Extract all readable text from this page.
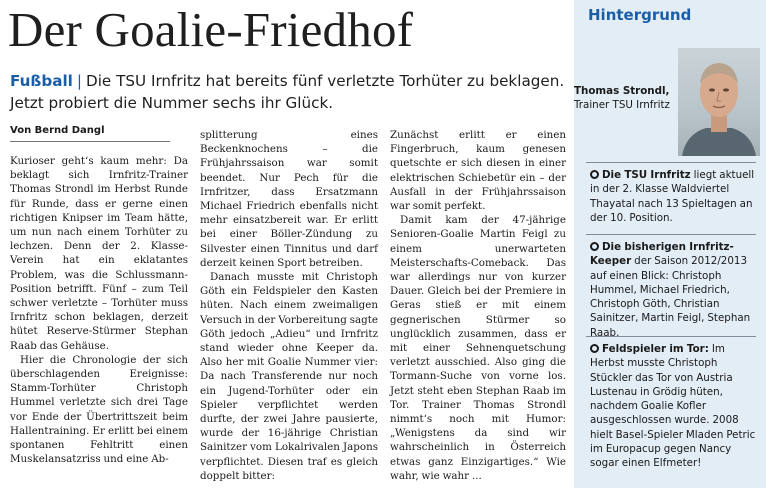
Der Goalie-Friedhof
Fußball | Die TSU Irnfritz hat bereits fünf verletzte Torhüter zu beklagen. Jetzt probiert die Nummer sechs ihr Glück.
Von Bernd Dangl

Kurioser geht‘s kaum mehr: Da beklagt sich Irnfritz-Trainer Thomas Strondl im Herbst Runde für Runde, dass er gerne einen richtigen Knipser im Team hätte, um nun nach einem Torhüter zu lechzen. Denn der 2. Klasse-Verein hat ein eklatantes Problem, was die Schlussmann-Position betrifft. Fünf – zum Teil schwer verletzte – Torhüter muss Irnfritz schon beklagen, derzeit hütet Reserve-Stürmer Stephan Raab das Gehäuse.

Hier die Chronologie der sich überschlagenden Ereignisse: Stamm-Torhüter Christoph Hummel verletzte sich drei Tage vor Ende der Übertrittszeit beim Hallentraining. Er erlitt bei einem spontanen Fehltritt einen Muskelansatzriss und eine Ab-

splitterung eines Beckenknochens – die Frühjahrssaison war somit beendet. Nur Pech für die Irnfritzer, dass Ersatzmann Michael Friedrich ebenfalls nicht mehr einsatzbereit war. Er erlitt bei einer Böller-Zündung zu Silvester einen Tinnitus und darf derzeit keinen Sport betreiben.

Danach musste mit Christoph Göth ein Feldspieler den Kasten hüten. Nach einem zweimaligen Versuch in der Vorbereitung sagte Göth jedoch „Adieu“ und Irnfritz stand wieder ohne Keeper da. Also her mit Goalie Nummer vier: Da nach Transferende nur noch ein Jugend-Torhüter oder ein Spieler verpflichtet werden durfte, der zwei Jahre pausierte, wurde der 16-jährige Christian Sainitzer vom Lokalrivalen Japons verpflichtet. Diesen traf es gleich doppelt bitter:

Zunächst erlitt er einen Fingerbruch, kaum genesen quetschte er sich diesen in einer elektrischen Schiebetür ein – der Ausfall in der Frühjahrssaison war somit perfekt.

Damit kam der 47-jährige Senioren-Goalie Martin Feigl zu einem unerwarteten Meisterschafts-Comeback. Das war allerdings nur von kurzer Dauer. Gleich bei der Premiere in Geras stieß er mit einem gegnerischen Stürmer so unglücklich zusammen, dass er mit einer Sehnenquetschung verletzt ausschied. Also ging die Tormann-Suche von vorne los. Jetzt steht eben Stephan Raab im Tor. Trainer Thomas Strondl nimmt‘s noch mit Humor: „Wenigstens da sind wir wahrscheinlich in Österreich etwas ganz Einzigartiges.“ Wie wahr, wie wahr ...

Hintergrund
Thomas Strondl,
Trainer TSU Irnfritz
Die TSU Irnfritz liegt aktuell in der 2. Klasse Waldviertel Thayatal nach 13 Spieltagen an der 10. Position.
Die bisherigen Irnfritz-Keeper der Saison 2012/2013 auf einen Blick: Christoph Hummel, Michael Friedrich, Christoph Göth, Christian Sainitzer, Martin Feigl, Stephan Raab.
Feldspieler im Tor: Im Herbst musste Christoph Stückler das Tor von Austria Lustenau in Grödig hüten, nachdem Goalie Kofler ausgeschlossen wurde. 2008 hielt Basel-Spieler Mladen Petric im Europacup gegen Nancy sogar einen Elfmeter!
